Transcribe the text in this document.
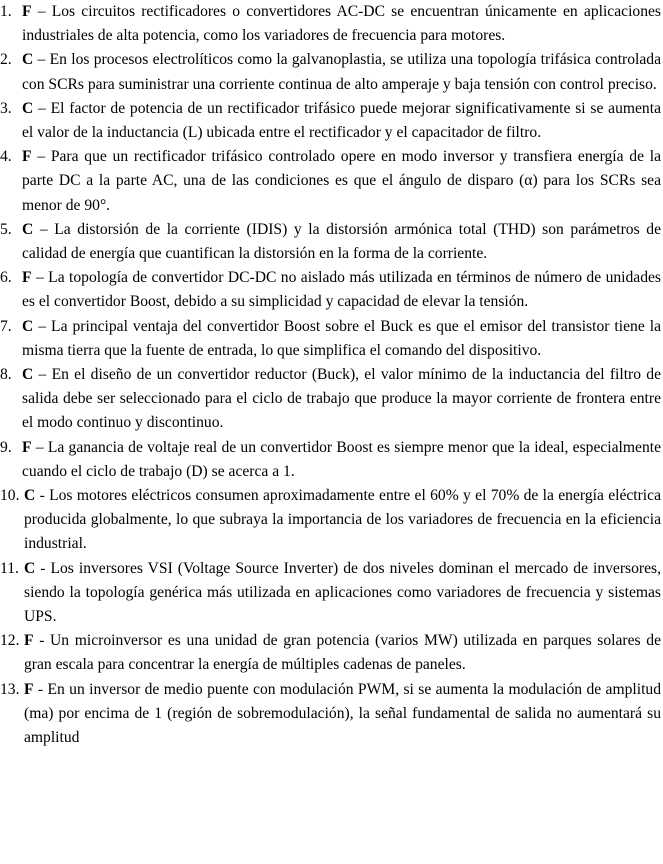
1. F – Los circuitos rectificadores o convertidores AC-DC se encuentran únicamente en aplicaciones industriales de alta potencia, como los variadores de frecuencia para motores.

2. C – En los procesos electrolíticos como la galvanoplastia, se utiliza una topología trifásica controlada con SCRs para suministrar una corriente continua de alto amperaje y baja tensión con control preciso.

3. C – El factor de potencia de un rectificador trifásico puede mejorar significativamente si se aumenta el valor de la inductancia (L) ubicada entre el rectificador y el capacitador de filtro.

4. F – Para que un rectificador trifásico controlado opere en modo inversor y transfiera energía de la parte DC a la parte AC, una de las condiciones es que el ángulo de disparo (α) para los SCRs sea menor de 90°.

5. C – La distorsión de la corriente (IDIS) y la distorsión armónica total (THD) son parámetros de calidad de energía que cuantifican la distorsión en la forma de la corriente.

6. F – La topología de convertidor DC-DC no aislado más utilizada en términos de número de unidades es el convertidor Boost, debido a su simplicidad y capacidad de elevar la tensión.

7. C – La principal ventaja del convertidor Boost sobre el Buck es que el emisor del transistor tiene la misma tierra que la fuente de entrada, lo que simplifica el comando del dispositivo.

8. C – En el diseño de un convertidor reductor (Buck), el valor mínimo de la inductancia del filtro de salida debe ser seleccionado para el ciclo de trabajo que produce la mayor corriente de frontera entre el modo continuo y discontinuo.

9. F – La ganancia de voltaje real de un convertidor Boost es siempre menor que la ideal, especialmente cuando el ciclo de trabajo (D) se acerca a 1.

10. C - Los motores eléctricos consumen aproximadamente entre el 60% y el 70% de la energía eléctrica producida globalmente, lo que subraya la importancia de los variadores de frecuencia en la eficiencia industrial.

11. C - Los inversores VSI (Voltage Source Inverter) de dos niveles dominan el mercado de inversores, siendo la topología genérica más utilizada en aplicaciones como variadores de frecuencia y sistemas UPS.

12. F - Un microinversor es una unidad de gran potencia (varios MW) utilizada en parques solares de gran escala para concentrar la energía de múltiples cadenas de paneles.

13. F - En un inversor de medio puente con modulación PWM, si se aumenta la modulación de amplitud (ma) por encima de 1 (región de sobremodulación), la señal fundamental de salida no aumentará su amplitud
